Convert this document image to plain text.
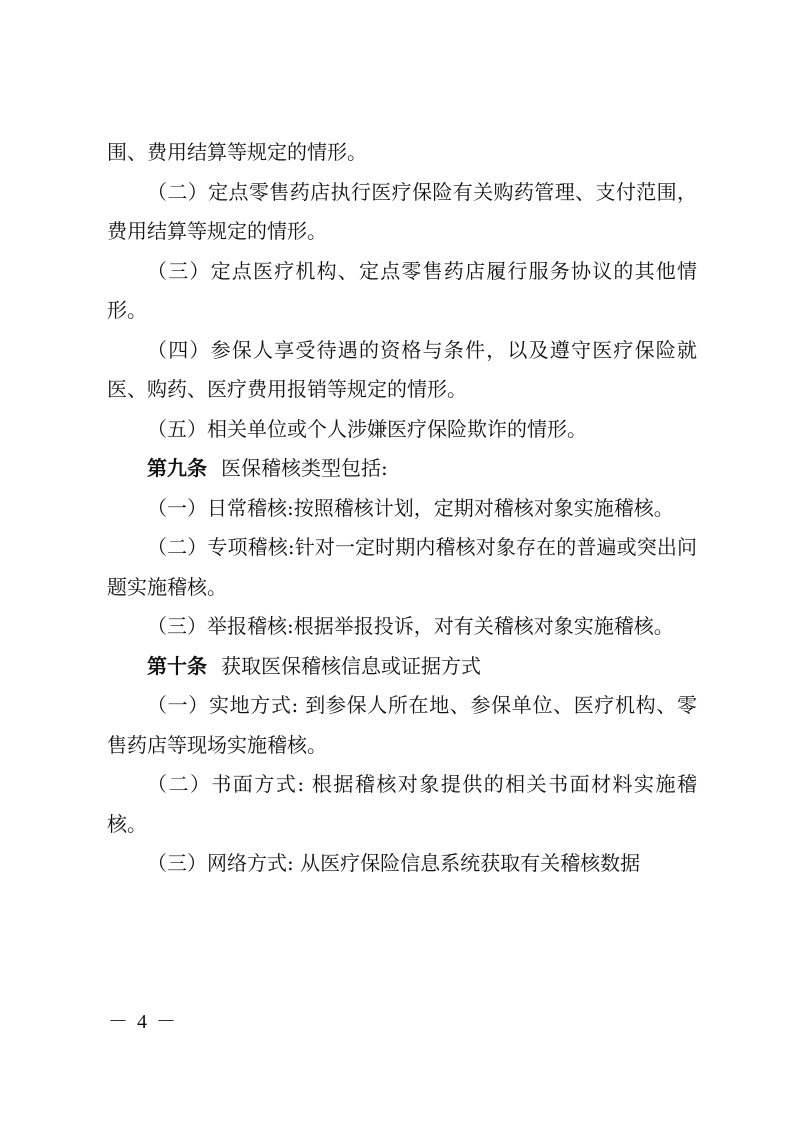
围、费用结算等规定的情形。

（二）定点零售药店执行医疗保险有关购药管理、支付范围，费用结算等规定的情形。

（三）定点医疗机构、定点零售药店履行服务协议的其他情形。

（四）参保人享受待遇的资格与条件，以及遵守医疗保险就医、购药、医疗费用报销等规定的情形。

（五）相关单位或个人涉嫌医疗保险欺诈的情形。

第九条 医保稽核类型包括:

（一）日常稽核:按照稽核计划，定期对稽核对象实施稽核。

（二）专项稽核:针对一定时期内稽核对象存在的普遍或突出问题实施稽核。

（三）举报稽核:根据举报投诉，对有关稽核对象实施稽核。

第十条 获取医保稽核信息或证据方式

（一）实地方式: 到参保人所在地、参保单位、医疗机构、零售药店等现场实施稽核。

（二）书面方式: 根据稽核对象提供的相关书面材料实施稽核。

（三）网络方式: 从医疗保险信息系统获取有关稽核数据

－ 4 －
